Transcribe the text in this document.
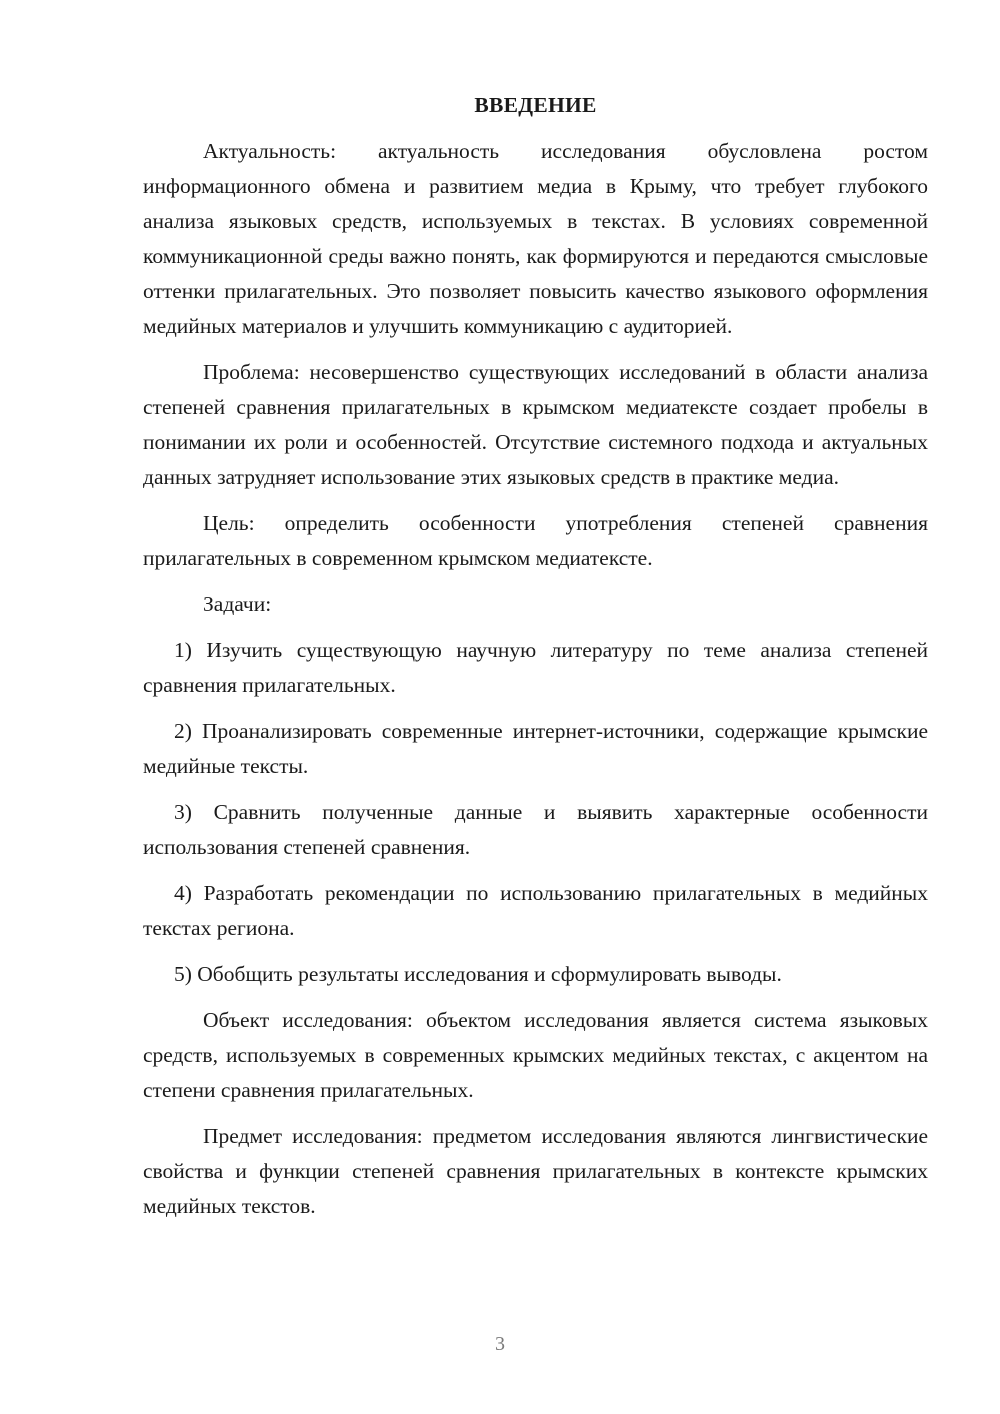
ВВЕДЕНИЕ

Актуальность: актуальность исследования обусловлена ростом информационного обмена и развитием медиа в Крыму, что требует глубокого анализа языковых средств, используемых в текстах. В условиях современной коммуникационной среды важно понять, как формируются и передаются смысловые оттенки прилагательных. Это позволяет повысить качество языкового оформления медийных материалов и улучшить коммуникацию с аудиторией.

Проблема: несовершенство существующих исследований в области анализа степеней сравнения прилагательных в крымском медиатексте создает пробелы в понимании их роли и особенностей. Отсутствие системного подхода и актуальных данных затрудняет использование этих языковых средств в практике медиа.

Цель: определить особенности употребления степеней сравнения прилагательных в современном крымском медиатексте.

Задачи:

1) Изучить существующую научную литературу по теме анализа степеней сравнения прилагательных.

2) Проанализировать современные интернет-источники, содержащие крымские медийные тексты.

3) Сравнить полученные данные и выявить характерные особенности использования степеней сравнения.

4) Разработать рекомендации по использованию прилагательных в медийных текстах региона.

5) Обобщить результаты исследования и сформулировать выводы.

Объект исследования: объектом исследования является система языковых средств, используемых в современных крымских медийных текстах, с акцентом на степени сравнения прилагательных.

Предмет исследования: предметом исследования являются лингвистические свойства и функции степеней сравнения прилагательных в контексте крымских медийных текстов.

3
